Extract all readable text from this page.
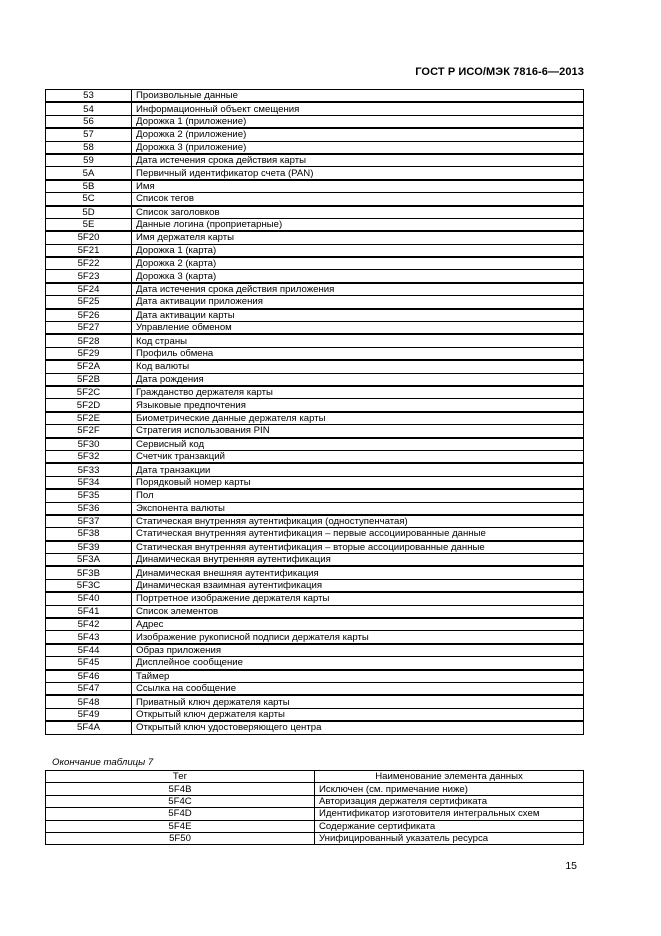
ГОСТ Р ИСО/МЭК 7816-6—2013
53	Произвольные данные
54	Информационный объект смещения
56	Дорожка 1 (приложение)
57	Дорожка 2 (приложение)
58	Дорожка 3 (приложение)
59	Дата истечения срока действия карты
5A	Первичный идентификатор счета (PAN)
5B	Имя
5C	Список тегов
5D	Список заголовков
5E	Данные логина (проприетарные)
5F20	Имя держателя карты
5F21	Дорожка 1 (карта)
5F22	Дорожка 2 (карта)
5F23	Дорожка 3 (карта)
5F24	Дата истечения срока действия приложения
5F25	Дата активации приложения
5F26	Дата активации карты
5F27	Управление обменом
5F28	Код страны
5F29	Профиль обмена
5F2A	Код валюты
5F2B	Дата рождения
5F2C	Гражданство держателя карты
5F2D	Языковые предпочтения
5F2E	Биометрические данные держателя карты
5F2F	Стратегия использования PIN
5F30	Сервисный код
5F32	Счетчик транзакций
5F33	Дата транзакции
5F34	Порядковый номер карты
5F35	Пол
5F36	Экспонента валюты
5F37	Статическая внутренняя аутентификация (одноступенчатая)
5F38	Статическая внутренняя аутентификация – первые ассоциированные данные
5F39	Статическая внутренняя аутентификация – вторые ассоциированные данные
5F3A	Динамическая внутренняя аутентификация
5F3B	Динамическая внешняя аутентификация
5F3C	Динамическая взаимная аутентификация
5F40	Портретное изображение держателя карты
5F41	Список элементов
5F42	Адрес
5F43	Изображение рукописной подписи держателя карты
5F44	Образ приложения
5F45	Дисплейное сообщение
5F46	Таймер
5F47	Ссылка на сообщение
5F48	Приватный ключ держателя карты
5F49	Открытый ключ держателя карты
5F4A	Открытый ключ удостоверяющего центра
Окончание таблицы 7
Тег	Наименование элемента данных
5F4B	Исключен (см. примечание ниже)
5F4C	Авторизация держателя сертификата
5F4D	Идентификатор изготовителя интегральных схем
5F4E	Содержание сертификата
5F50	Унифицированный указатель ресурса
15
